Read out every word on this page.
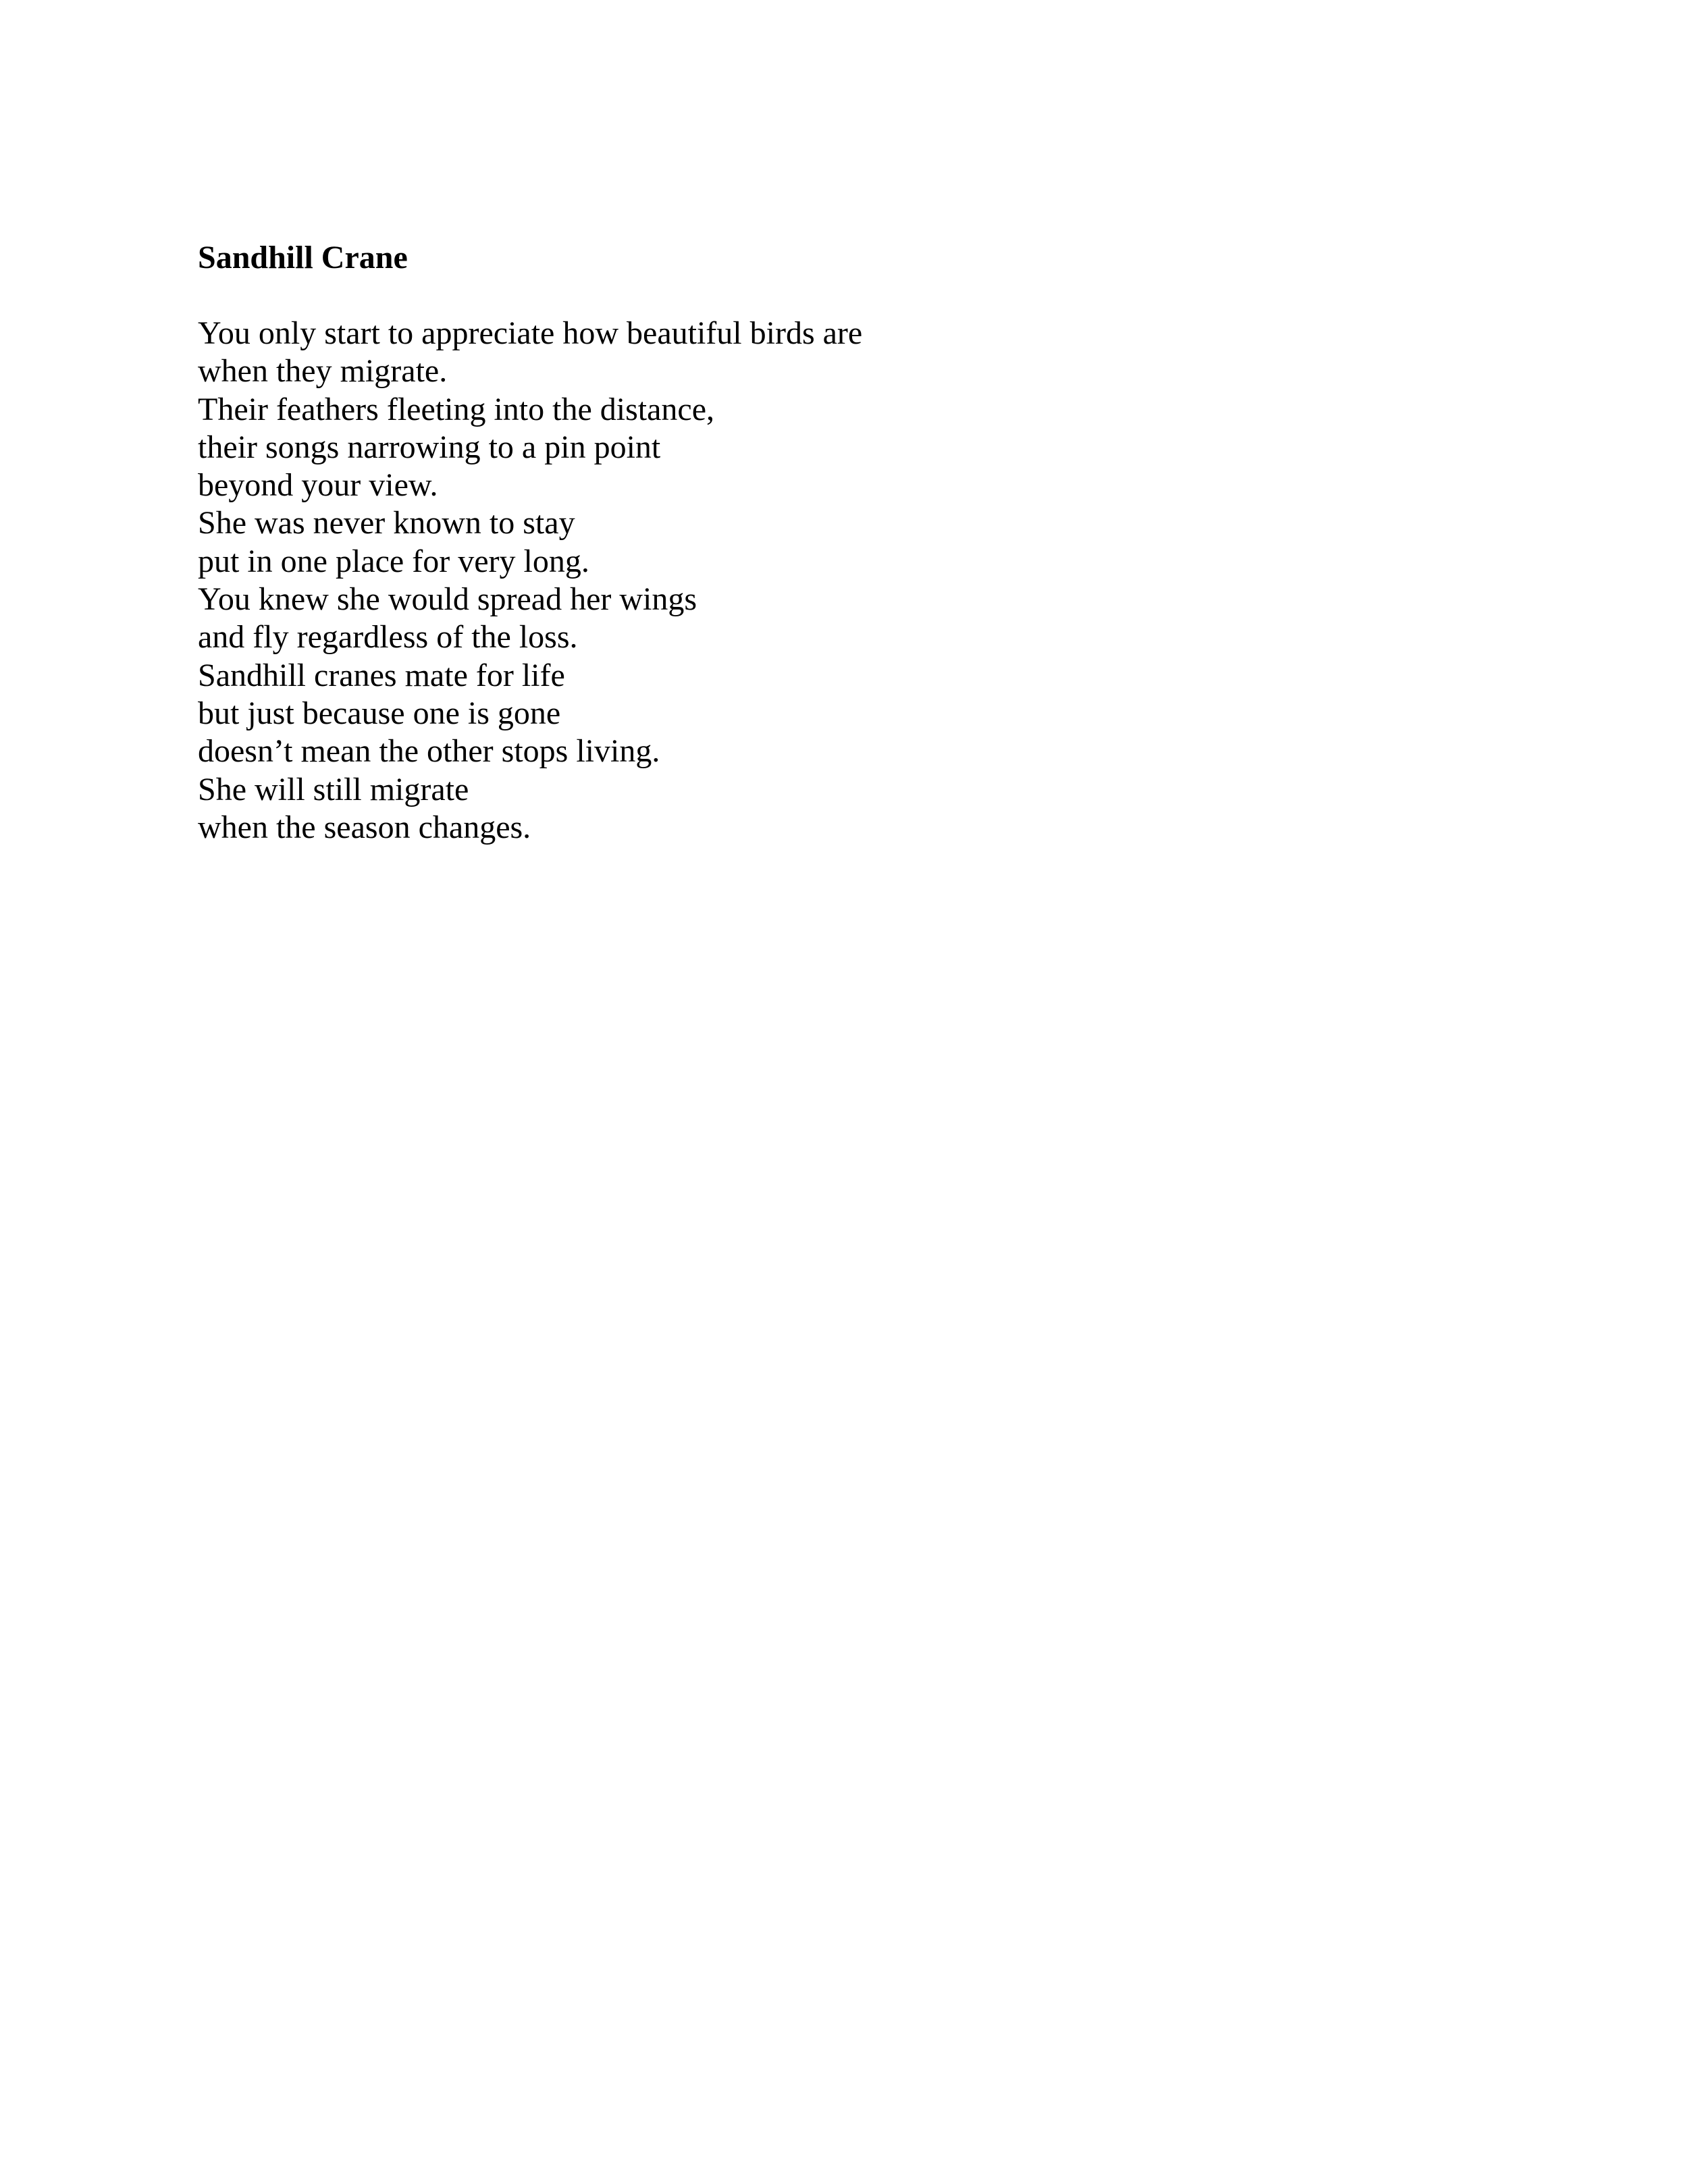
Sandhill Crane
You only start to appreciate how beautiful birds are
when they migrate.
Their feathers fleeting into the distance,
their songs narrowing to a pin point
beyond your view.
She was never known to stay
put in one place for very long.
You knew she would spread her wings
and fly regardless of the loss.
Sandhill cranes mate for life
but just because one is gone
doesn’t mean the other stops living.
She will still migrate
when the season changes.
